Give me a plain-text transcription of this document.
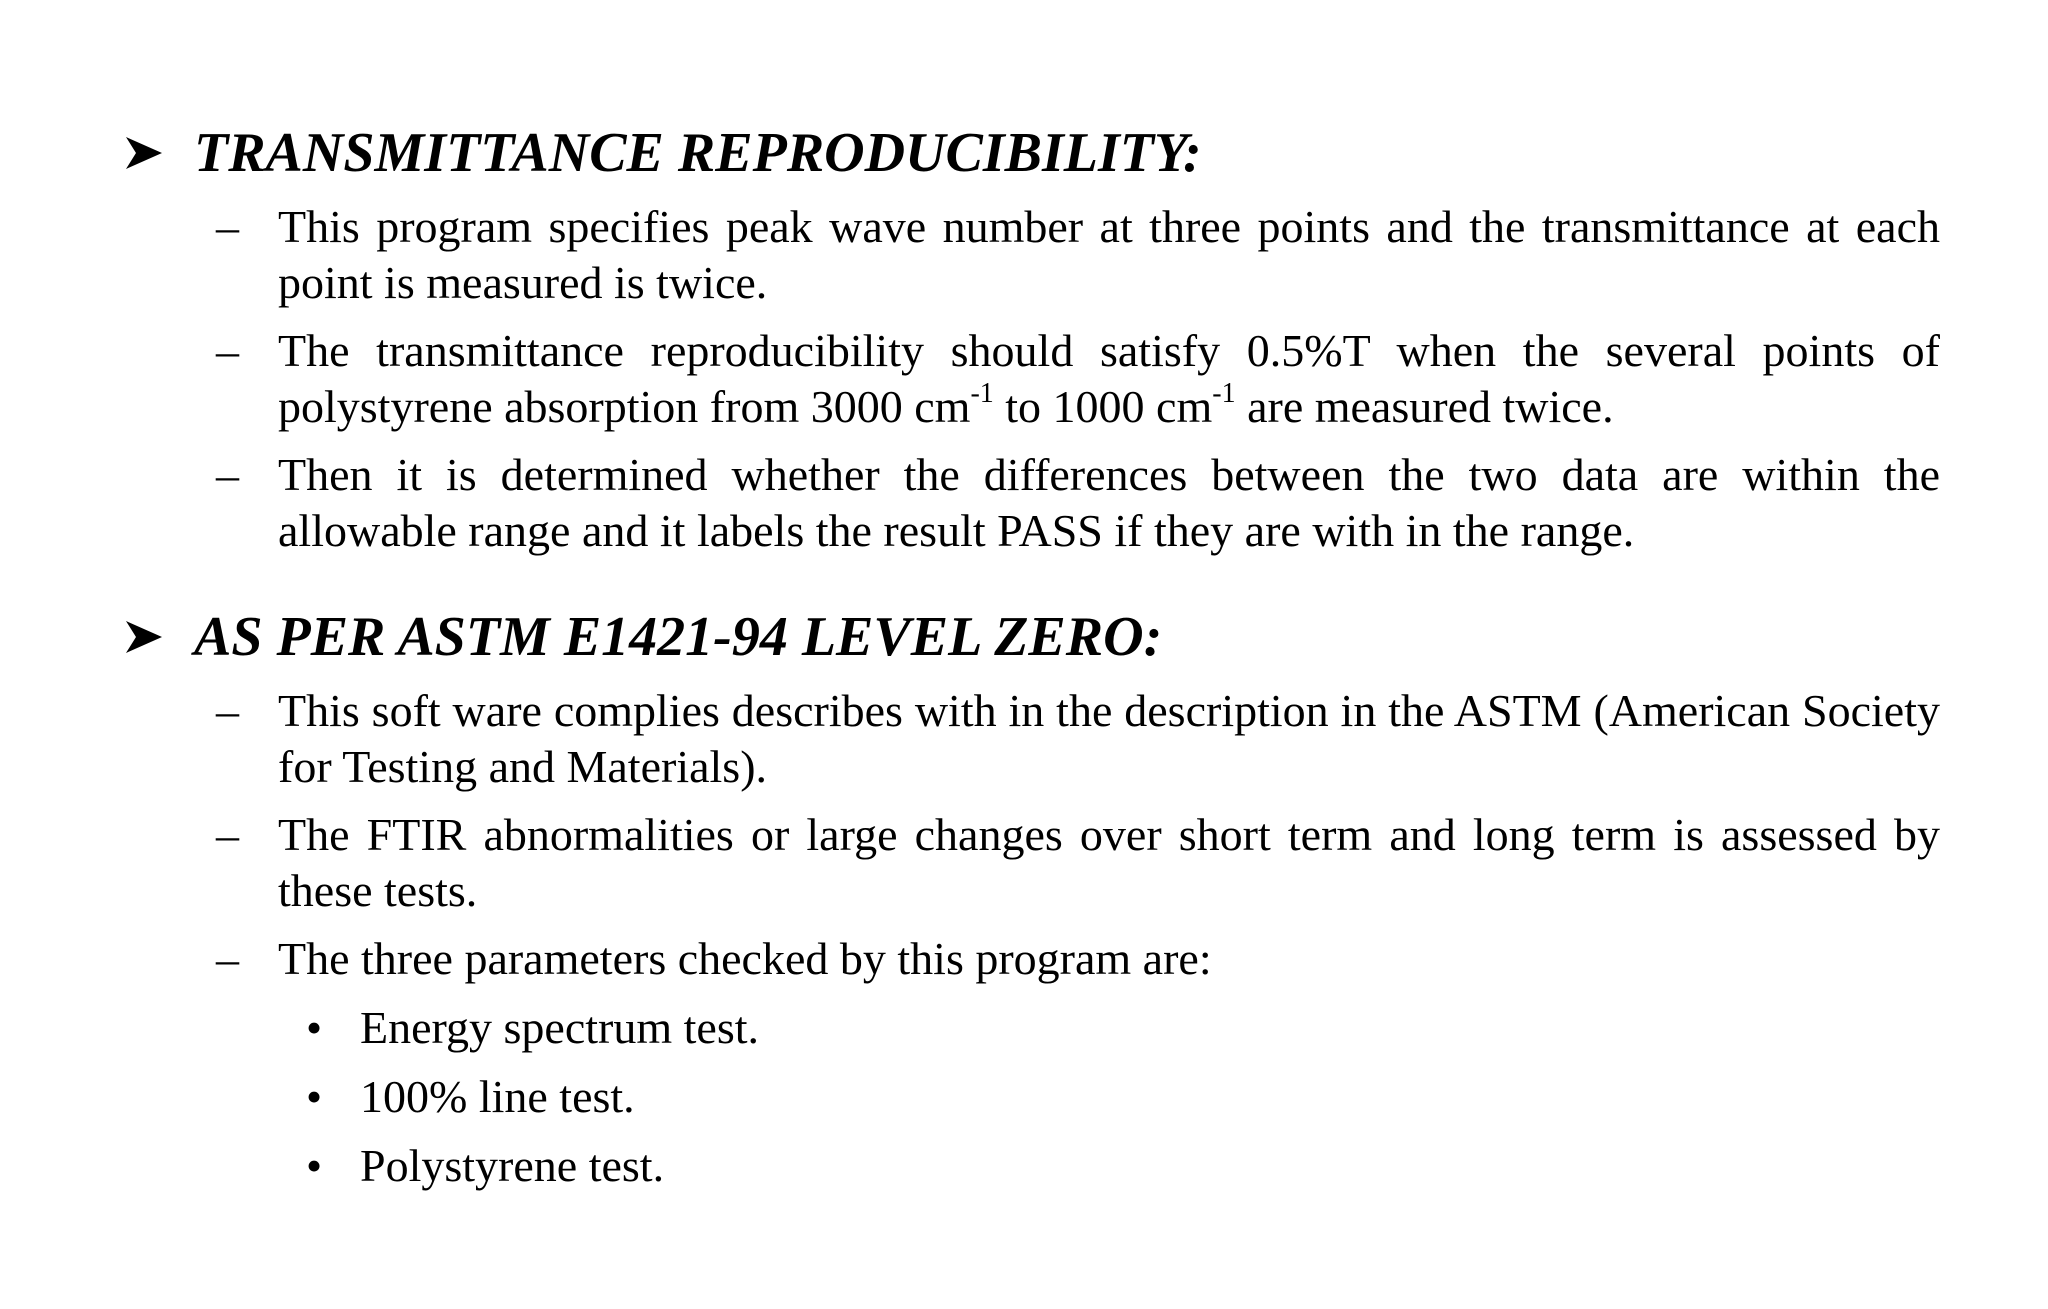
TRANSMITTANCE REPRODUCIBILITY:
– This program specifies peak wave number at three points and the transmittance at each point is measured is twice.
– The transmittance reproducibility should satisfy 0.5%T when the several points of polystyrene absorption from 3000 $cm^{-1}$ to 1000 $cm^{-1}$ are measured twice.
– Then it is determined whether the differences between the two data are within the allowable range and it labels the result PASS if they are with in the range.
AS PER ASTM E1421-94 LEVEL ZERO:
– This soft ware complies describes with in the description in the ASTM (American Society for Testing and Materials).
– The FTIR abnormalities or large changes over short term and long term is assessed by these tests.
– The three parameters checked by this program are:
• Energy spectrum test.
• 100% line test.
• Polystyrene test.
